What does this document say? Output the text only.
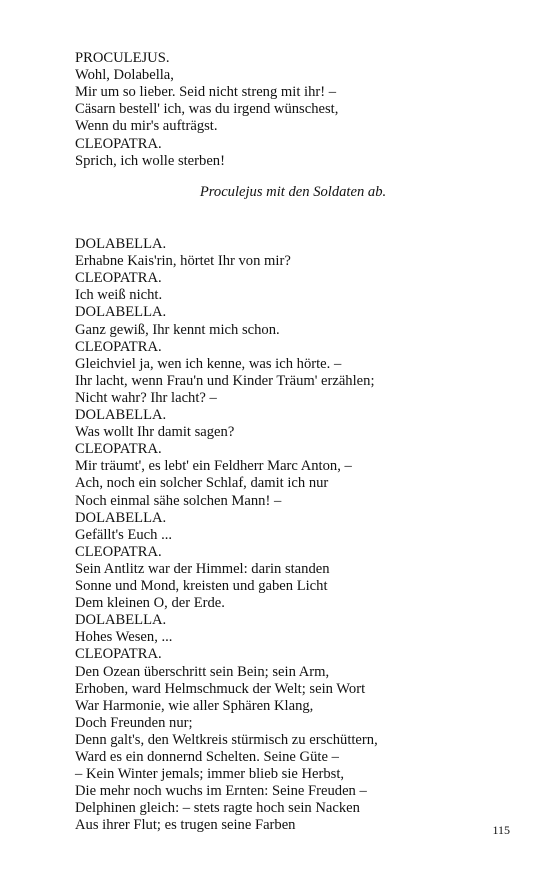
PROCULEJUS.
Wohl, Dolabella,
Mir um so lieber. Seid nicht streng mit ihr! –
Cäsarn bestell' ich, was du irgend wünschest,
Wenn du mir's aufträgst.
CLEOPATRA.
Sprich, ich wolle sterben!
Proculejus mit den Soldaten ab.
DOLABELLA.
Erhabne Kais'rin, hörtet Ihr von mir?
CLEOPATRA.
Ich weiß nicht.
DOLABELLA.
Ganz gewiß, Ihr kennt mich schon.
CLEOPATRA.
Gleichviel ja, wen ich kenne, was ich hörte. –
Ihr lacht, wenn Frau'n und Kinder Träum' erzählen;
Nicht wahr? Ihr lacht? –
DOLABELLA.
Was wollt Ihr damit sagen?
CLEOPATRA.
Mir träumt', es lebt' ein Feldherr Marc Anton, –
Ach, noch ein solcher Schlaf, damit ich nur
Noch einmal sähe solchen Mann! –
DOLABELLA.
Gefällt's Euch ...
CLEOPATRA.
Sein Antlitz war der Himmel: darin standen
Sonne und Mond, kreisten und gaben Licht
Dem kleinen O, der Erde.
DOLABELLA.
Hohes Wesen, ...
CLEOPATRA.
Den Ozean überschritt sein Bein; sein Arm,
Erhoben, ward Helmschmuck der Welt; sein Wort
War Harmonie, wie aller Sphären Klang,
Doch Freunden nur;
Denn galt's, den Weltkreis stürmisch zu erschüttern,
Ward es ein donnernd Schelten. Seine Güte –
– Kein Winter jemals; immer blieb sie Herbst,
Die mehr noch wuchs im Ernten: Seine Freuden –
Delphinen gleich: – stets ragte hoch sein Nacken
Aus ihrer Flut; es trugen seine Farben	115
